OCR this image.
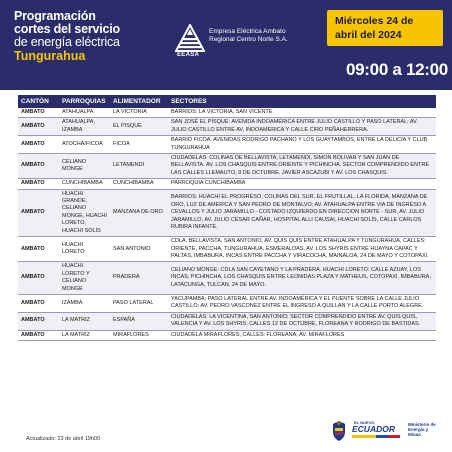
Programación
cortes del servicio
de energía eléctrica
Tungurahua	EEASA
Empresa Eléctrica Ambato
Regional Centro Norte S.A.
Miércoles 24 de
abril del 2024
09:00 a 12:00
CANTÓN	PARROQUIAS	ALIMENTADOR	SECTORES
AMBATO	ATAHUALPA	LA VICTORIA	BARRIOS: LA VICTORIA, SAN VICENTE
AMBATO	ATAHUALPA, IZAMBA	EL PISQUE	SAN JOSÉ EL PISQUE: AVENIDA INDOAMÉRICA ENTRE JULIO CASTILLO Y PASO LATERAL; AV. JULIO CASTILLO ENTRE AV. INDOAMÉRICA Y CALLE CIRO PEÑAHERRERA.
AMBATO	ATOCHA/FICOA	FICOA	BARRIO FICOA: AVENIDAS RODRIGO PACHANO Y LOS GUAYTAMBOS, ENTRE LA DELICIA Y CLUB TUNGURAHUA
AMBATO	CELIANO MONGE	LETAMENDI	CIUDADELAS: COLINAS DE BELLAVISTA, LETAMENDI, SIMON BOLIVAR Y SAN JUAN DE BELLAVISTA. AV. LOS CHASQUIS ENTRE ORIENTE Y PICHINCHA, SECTOR COMPRENDIDO ENTRE LAS CALLES LLEMAUTO, 9 DE OCTUBRE, JAVIER ASCAZUBI Y AV. LOS CHASQUIS.
AMBATO	CUNCHIBAMBA	CUNCHIBAMBA	PARROQUIA CUNCHIBAMBA
AMBATO	HUACHI GRANDE, CELIANO MONGE, HUACHI LORETO, HUACHI SOLÍS	MANZANA DE ORO	BARRIOS: HUACHI EL PROGRESO, COLINAS DEL SUR, EL FRUTILLAL, LA FLORIDA, MANZANA DE ORO, LUZ DE AMERICA Y SAN PEDRO DE MONTALVO; AV. ATAHUALPA ENTRE VIA DE INGRESO A CEVALLOS Y JULIO JARAMILLO - COSTADO IZQUIERDO EN DIRECCION NORTE - SUR, AV. JULIO JARAMILLO, AV. JULIO CÉSAR CAÑAR, HOSPITAL ALLI CAUSAI, HUACHI SOLÍS, CALLE CARLOS RUBIRA INFANTE.
AMBATO	HUACHI LORETO	SAN ANTONIO	CDLA. BELLAVISTA, SAN ANTONIO, AV. QUIS QUIS ENTRE ATAHUALPA Y TUNGURAHUA, CALLES: ORIENTE, PACCHA, TUNGURAHUA, ESMERALDAS, AV. LOS SHYRIS ENTRE HUAYNA CAPAC Y PALTAS, IMBABURA, INCAS ENTRE PACCHA Y VIRACOCHA, MAINALOA, 24 DE MAYO Y COTOPAXI.
AMBATO	HUACHI LORETO Y CELIANO MONGE	PRADERA	CELIANO MONGE: CDLA SAN CAYETANO Y LA PRADERA. HUACHI LORETO: CALLE AZUAY, LOS INCAS, PICHINCHA, LOS CHASQUIS ENTRE LEONIDAS PLAZA Y MATHEUS, COTOPAXI, IMBABURA, LATACUNGA, TULCAN, 24 DE MAYO.
AMBATO	IZAMBA	PASO LATERAL	YACUPAMBA; PASO LATERAL ENTRE AV. INDOAMÉRICA Y EL PUENTE SOBRE LA CALLE JULIO CASTILLO; AV. PEDRO VASCONEZ ENTRE EL INGRESO A QUILLAN Y LA CALLE PORTO ALEGRE.
AMBATO	LA MATRIZ	ESPAÑA	CIUDADELAS: LA VICENTINA, SAN ANTONIO; SECTOR COMPRENDIDO ENTRE AV. QUIS QUIS, VALENCIA Y AV. LOS SHYRIS; CALLES 12 DE OCTUBRE, FLOREANA Y RODRIGO DE BASTIDAS.
AMBATO	LA MATRIZ	MIRAFLORES	CIUDADELA MIRAFLORES, CALLES: FLOREANA, AV. MIRAFLORES
Actualizado: 23 de abril 19h00
EL NUEVO
ECUADOR	Ministerio de
Energía y Minas
